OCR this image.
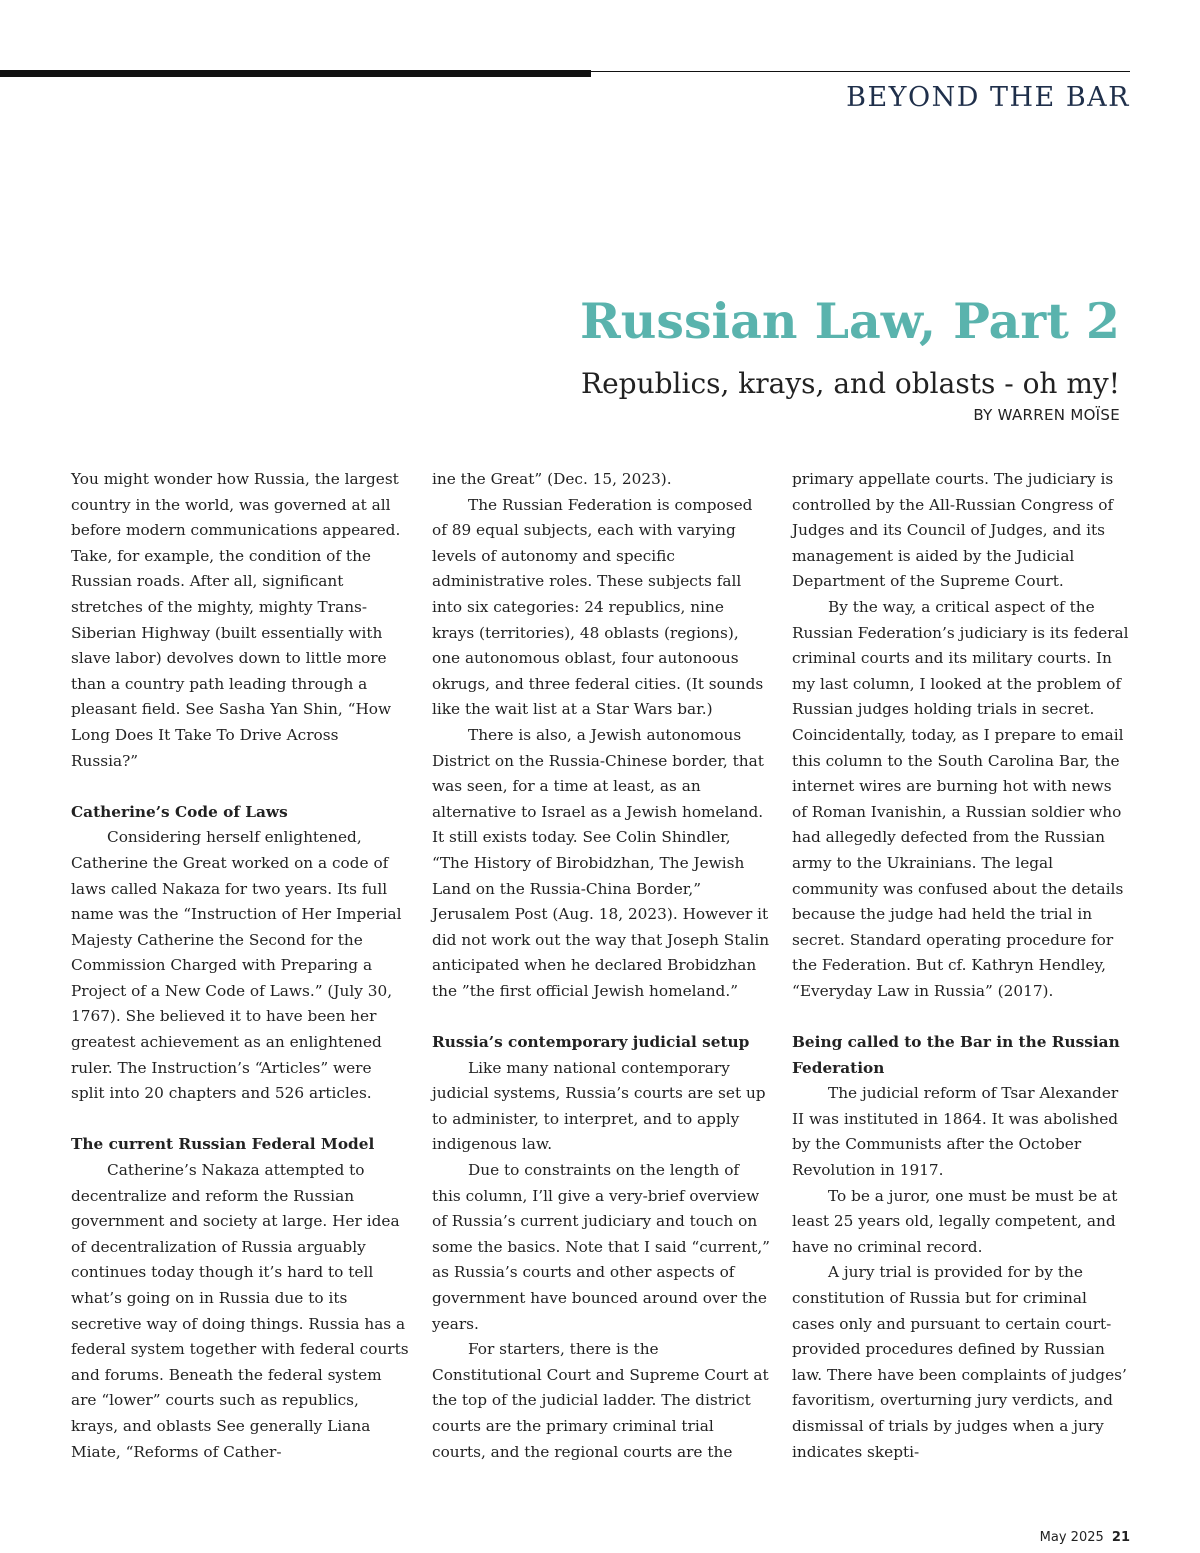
BEYOND THE BAR
Russian Law, Part 2
Republics, krays, and oblasts - oh my!
BY WARREN MOÏSE

You might wonder how Russia, the largest country in the world, was governed at all before modern communications appeared. Take, for example, the condition of the Russian roads. After all, significant stretches of the mighty, mighty Trans-Siberian Highway (built essentially with slave labor) devolves down to little more than a country path leading through a pleasant field. See Sasha Yan Shin, “How Long Does It Take To Drive Across Russia?”

Catherine’s Code of Laws

Considering herself enlightened, Catherine the Great worked on a code of laws called Nakaza for two years. Its full name was the “Instruction of Her Imperial Majesty Catherine the Second for the Commission Charged with Preparing a Project of a New Code of Laws.” (July 30, 1767). She believed it to have been her greatest achievement as an enlightened ruler. The Instruction’s “Articles” were split into 20 chapters and 526 articles.

The current Russian Federal Model

Catherine’s Nakaza attempted to decentralize and reform the Russian government and society at large. Her idea of decentralization of Russia arguably continues today though it’s hard to tell what’s going on in Russia due to its secretive way of doing things. Russia has a federal system together with federal courts and forums. Beneath the federal system are “lower” courts such as republics, krays, and oblasts See generally Liana Miate, “Reforms of Cather-

ine the Great” (Dec. 15, 2023).

The Russian Federation is composed of 89 equal subjects, each with varying levels of autonomy and specific administrative roles. These subjects fall into six categories: 24 republics, nine krays (territories), 48 oblasts (regions), one autonomous oblast, four autonoous okrugs, and three federal cities. (It sounds like the wait list at a Star Wars bar.)

There is also, a Jewish autonomous District on the Russia-Chinese border, that was seen, for a time at least, as an alternative to Israel as a Jewish homeland. It still exists today. See Colin Shindler, “The History of Birobidzhan, The Jewish Land on the Russia-China Border,” Jerusalem Post (Aug. 18, 2023). However it did not work out the way that Joseph Stalin anticipated when he declared Brobidzhan the ”the first official Jewish homeland.”

Russia’s contemporary judicial setup

Like many national contemporary judicial systems, Russia’s courts are set up to administer, to interpret, and to apply indigenous law.

Due to constraints on the length of this column, I’ll give a very-brief overview of Russia’s current judiciary and touch on some the basics. Note that I said “current,” as Russia’s courts and other aspects of government have bounced around over the years.

For starters, there is the Constitutional Court and Supreme Court at the top of the judicial ladder. The district courts are the primary criminal trial courts, and the regional courts are the

primary appellate courts. The judiciary is controlled by the All-Russian Congress of Judges and its Council of Judges, and its management is aided by the Judicial Department of the Supreme Court.

By the way, a critical aspect of the Russian Federation’s judiciary is its federal criminal courts and its military courts. In my last column, I looked at the problem of Russian judges holding trials in secret. Coincidentally, today, as I prepare to email this column to the South Carolina Bar, the internet wires are burning hot with news of Roman Ivanishin, a Russian soldier who had allegedly defected from the Russian army to the Ukrainians. The legal community was confused about the details because the judge had held the trial in secret. Standard operating procedure for the Federation. But cf. Kathryn Hendley, “Everyday Law in Russia” (2017).

Being called to the Bar in the Russian Federation

The judicial reform of Tsar Alexander II was instituted in 1864. It was abolished by the Communists after the October Revolution in 1917.

To be a juror, one must be must be at least 25 years old, legally competent, and have no criminal record.

A jury trial is provided for by the constitution of Russia but for criminal cases only and pursuant to certain court-provided procedures defined by Russian law. There have been complaints of judges’ favoritism, overturning jury verdicts, and dismissal of trials by judges when a jury indicates skepti-

May 2025 21
